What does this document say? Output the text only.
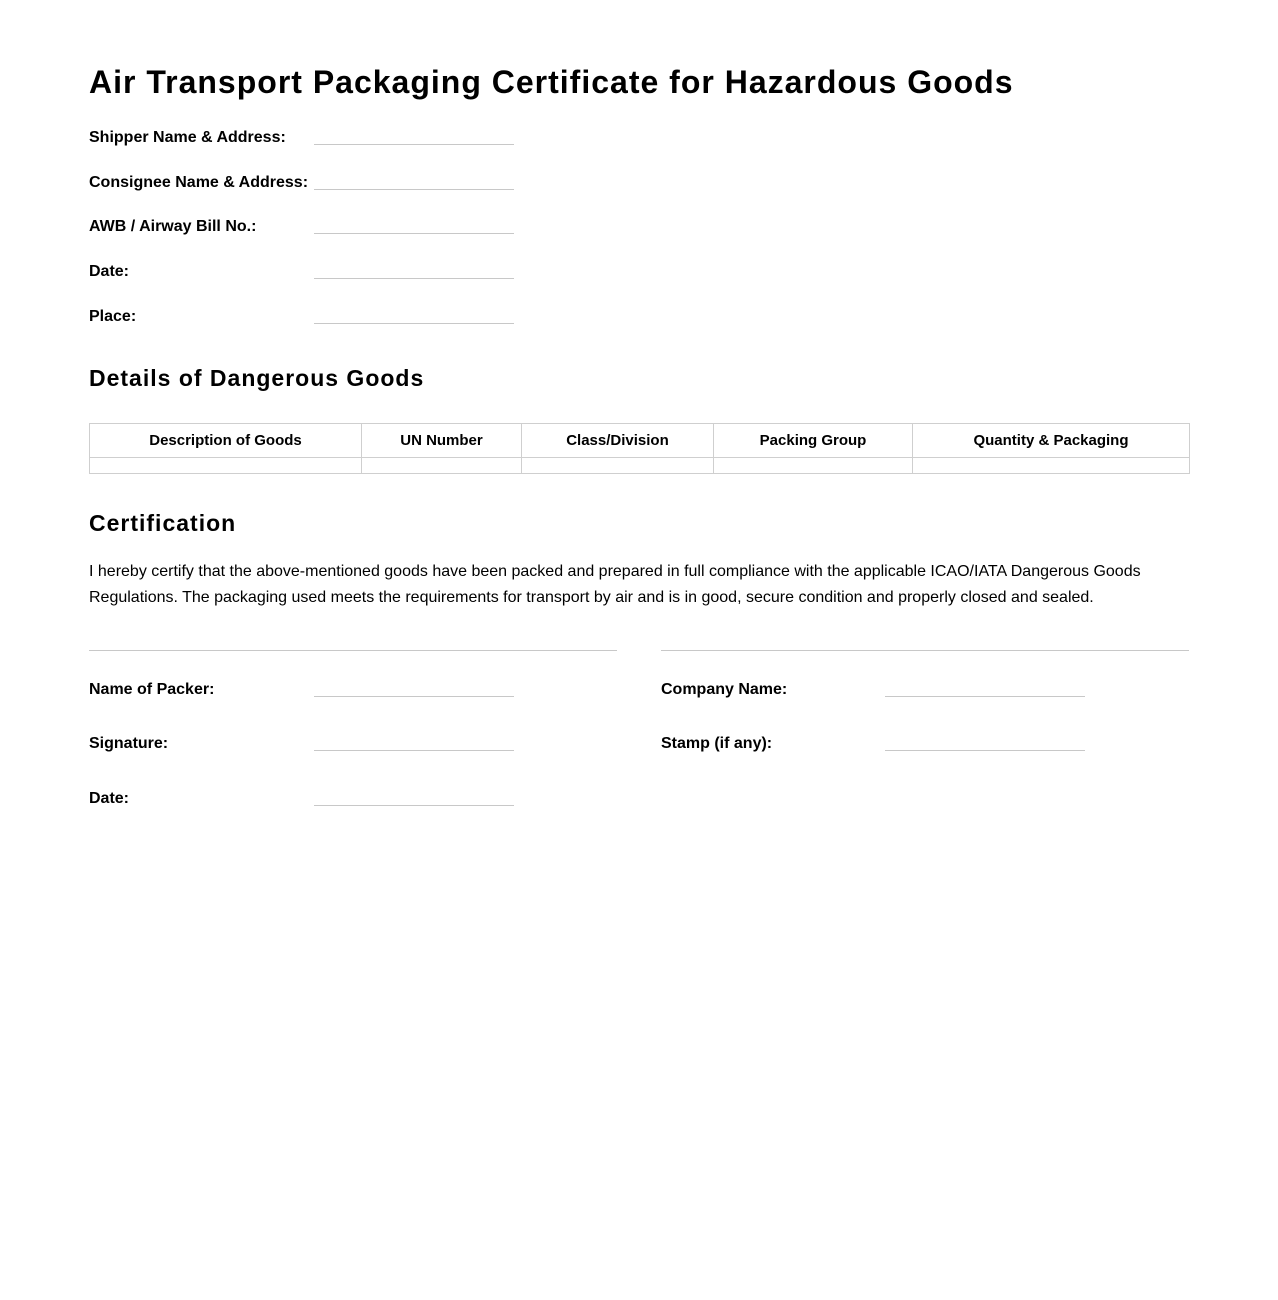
Air Transport Packaging Certificate for Hazardous Goods
Shipper Name & Address:
Consignee Name & Address:
AWB / Airway Bill No.:
Date:
Place:
Details of Dangerous Goods
Description of Goods	UN Number	Class/Division	Packing Group	Quantity & Packaging

Certification

I hereby certify that the above-mentioned goods have been packed and prepared in full compliance with the applicable ICAO/IATA Dangerous Goods Regulations. The packaging used meets the requirements for transport by air and is in good, secure condition and properly closed and sealed.

Name of Packer:
Signature:
Date:
Company Name:
Stamp (if any):
